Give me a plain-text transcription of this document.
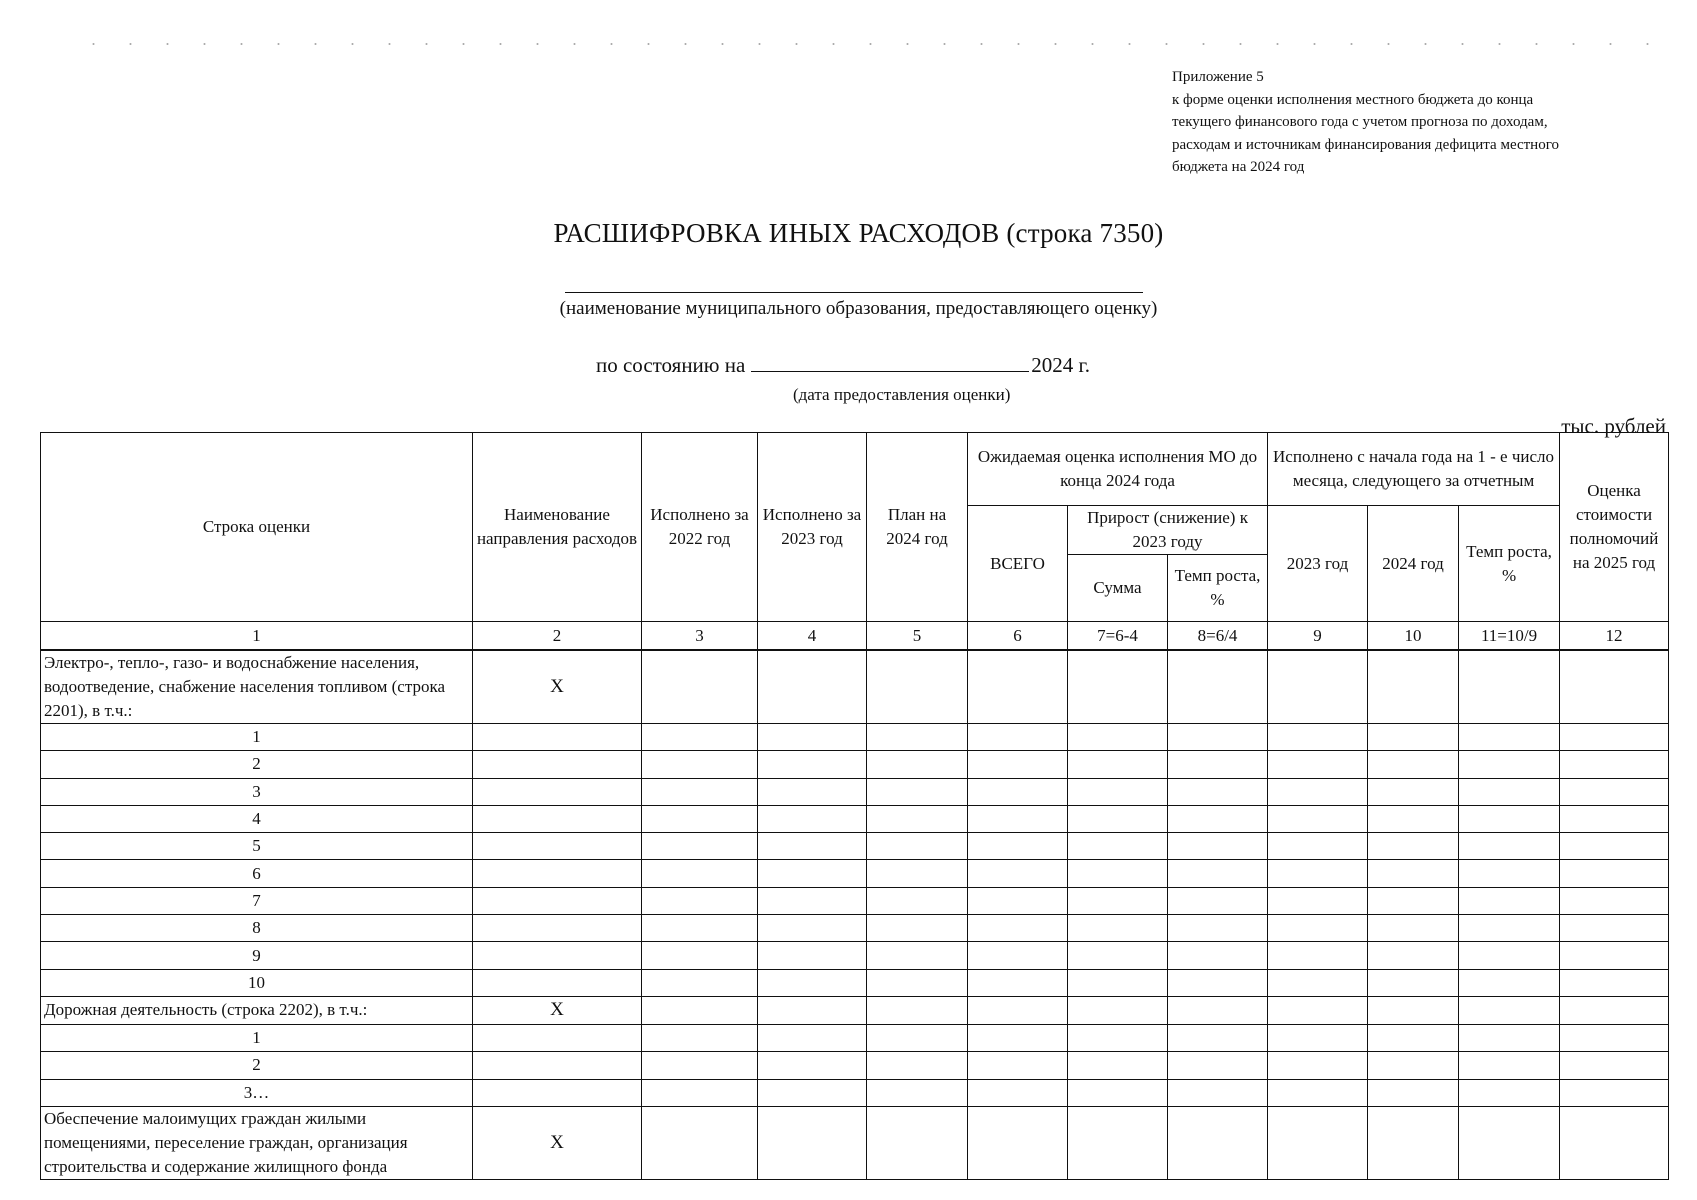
Приложение 5
к форме оценки исполнения местного бюджета до конца
текущего финансового года с учетом прогноза по доходам,
расходам и источникам финансирования дефицита местного
бюджета на 2024 год
РАСШИФРОВКА ИНЫХ РАСХОДОВ (строка 7350)
(наименование муниципального образования, предоставляющего оценку)
по состоянию на	2024 г.
(дата предоставления оценки)
тыс. рублей
Строка оценки	Наименование направления расходов	Исполнено за 2022 год	Исполнено за 2023 год	План на 2024 год	Ожидаемая оценка исполнения МО до конца 2024 года			Исполнено с начала года на 1 - е число месяца, следующего за отчетным			Оценка стоимости полномочий на 2025 год
					ВСЕГО	Прирост (снижение) к 2023 году		2023 год	2024 год	Темп роста, %	
						Сумма	Темп роста, %				
1	2	3	4	5	6	7=6-4	8=6/4	9	10	11=10/9	12
Электро-, тепло-, газо- и водоснабжение населения, водоотведение, снабжение населения топливом (строка 2201), в т.ч.:	X										
1											
2											
3											
4											
5											
6											
7											
8											
9											
10											
Дорожная деятельность (строка 2202), в т.ч.:	X										
1											
2											
3…											
Обеспечение малоимущих граждан жилыми помещениями, переселение граждан, организация строительства и содержание жилищного фонда	X										
